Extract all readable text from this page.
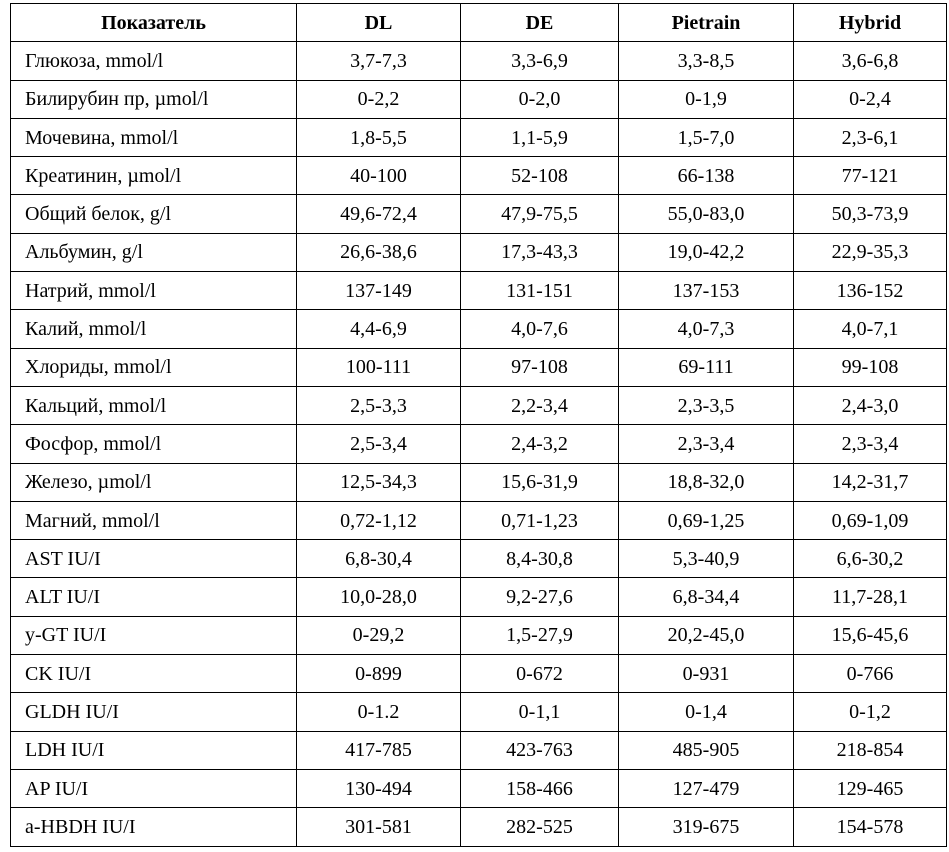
Показатель	DL	DE	Pietrain	Hybrid
Глюкоза, mmol/l	3,7-7,3	3,3-6,9	3,3-8,5	3,6-6,8
Билирубин пр, µmol/l	0-2,2	0-2,0	0-1,9	0-2,4
Мочевина, mmol/l	1,8-5,5	1,1-5,9	1,5-7,0	2,3-6,1
Креатинин, µmol/l	40-100	52-108	66-138	77-121
Общий белок, g/l	49,6-72,4	47,9-75,5	55,0-83,0	50,3-73,9
Альбумин, g/l	26,6-38,6	17,3-43,3	19,0-42,2	22,9-35,3
Натрий, mmol/l	137-149	131-151	137-153	136-152
Калий, mmol/l	4,4-6,9	4,0-7,6	4,0-7,3	4,0-7,1
Хлориды, mmol/l	100-111	97-108	69-111	99-108
Кальций, mmol/l	2,5-3,3	2,2-3,4	2,3-3,5	2,4-3,0
Фосфор, mmol/l	2,5-3,4	2,4-3,2	2,3-3,4	2,3-3,4
Железо, µmol/l	12,5-34,3	15,6-31,9	18,8-32,0	14,2-31,7
Магний, mmol/l	0,72-1,12	0,71-1,23	0,69-1,25	0,69-1,09
AST IU/I	6,8-30,4	8,4-30,8	5,3-40,9	6,6-30,2
ALT IU/I	10,0-28,0	9,2-27,6	6,8-34,4	11,7-28,1
y-GT IU/I	0-29,2	1,5-27,9	20,2-45,0	15,6-45,6
CK IU/I	0-899	0-672	0-931	0-766
GLDH IU/I	0-1.2	0-1,1	0-1,4	0-1,2
LDH IU/I	417-785	423-763	485-905	218-854
AP IU/I	130-494	158-466	127-479	129-465
a-HBDH IU/I	301-581	282-525	319-675	154-578
